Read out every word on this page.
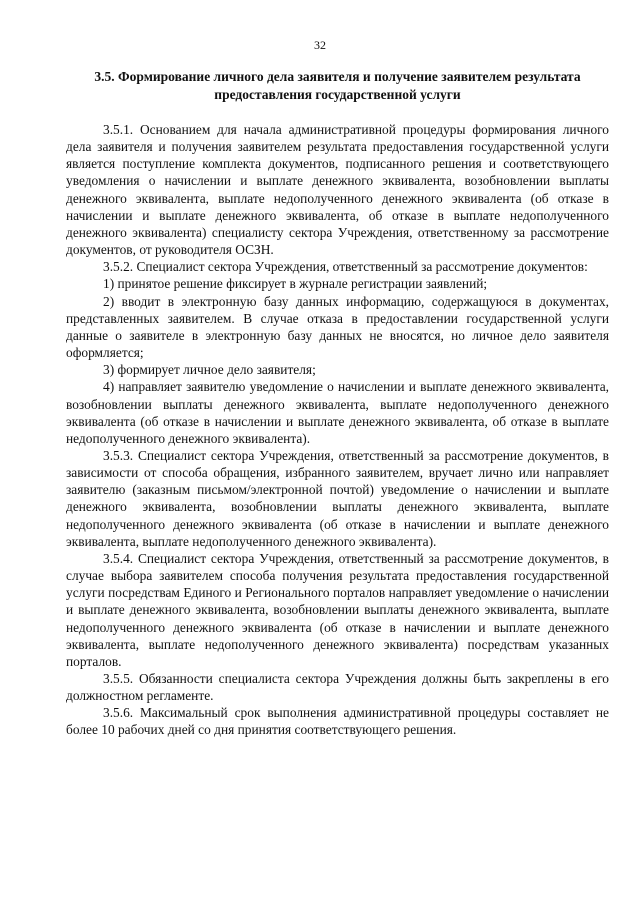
32
3.5. Формирование личного дела заявителя и получение заявителем результата предоставления государственной услуги

3.5.1. Основанием для начала административной процедуры формирования личного дела заявителя и получения заявителем результата предоставления государственной услуги является поступление комплекта документов, подписанного решения и соответствующего уведомления о начислении и выплате денежного эквивалента, возобновлении выплаты денежного эквивалента, выплате недополученного денежного эквивалента (об отказе в начислении и выплате денежного эквивалента, об отказе в выплате недополученного денежного эквивалента) специалисту сектора Учреждения, ответственному за рассмотрение документов, от руководителя ОСЗН.

3.5.2. Специалист сектора Учреждения, ответственный за рассмотрение документов:

1) принятое решение фиксирует в журнале регистрации заявлений;

2) вводит в электронную базу данных информацию, содержащуюся в документах, представленных заявителем. В случае отказа в предоставлении государственной услуги данные о заявителе в электронную базу данных не вносятся, но личное дело заявителя оформляется;

3) формирует личное дело заявителя;

4) направляет заявителю уведомление о начислении и выплате денежного эквивалента, возобновлении выплаты денежного эквивалента, выплате недополученного денежного эквивалента (об отказе в начислении и выплате денежного эквивалента, об отказе в выплате недополученного денежного эквивалента).

3.5.3. Специалист сектора Учреждения, ответственный за рассмотрение документов, в зависимости от способа обращения, избранного заявителем, вручает лично или направляет заявителю (заказным письмом/электронной почтой) уведомление о начислении и выплате денежного эквивалента, возобновлении выплаты денежного эквивалента, выплате недополученного денежного эквивалента (об отказе в начислении и выплате денежного эквивалента, выплате недополученного денежного эквивалента).

3.5.4. Специалист сектора Учреждения, ответственный за рассмотрение документов, в случае выбора заявителем способа получения результата предоставления государственной услуги посредствам Единого и Регионального порталов направляет уведомление о начислении и выплате денежного эквивалента, возобновлении выплаты денежного эквивалента, выплате недополученного денежного эквивалента (об отказе в начислении и выплате денежного эквивалента, выплате недополученного денежного эквивалента) посредствам указанных порталов.

3.5.5. Обязанности специалиста сектора Учреждения должны быть закреплены в его должностном регламенте.

3.5.6. Максимальный срок выполнения административной процедуры составляет не более 10 рабочих дней со дня принятия соответствующего решения.
